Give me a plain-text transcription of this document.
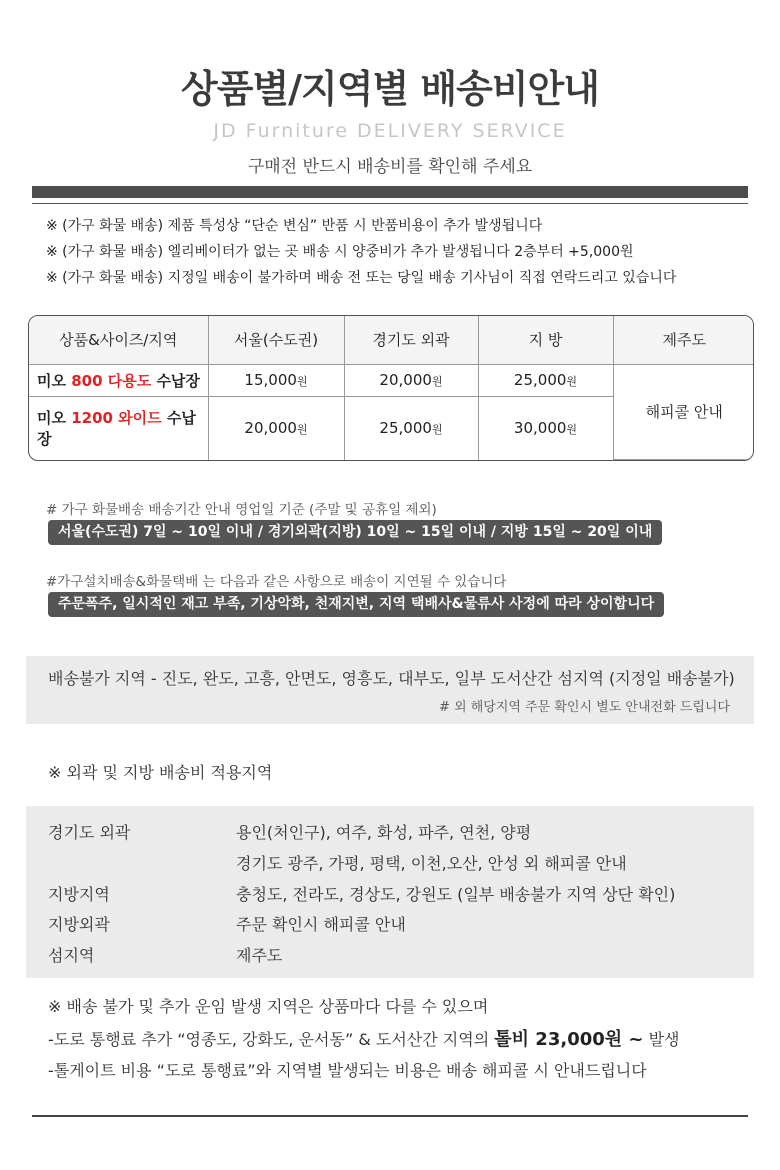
상품별/지역별 배송비안내
JD Furniture DELIVERY SERVICE
구매전 반드시 배송비를 확인해 주세요
※ (가구 화물 배송) 제품 특성상 “단순 변심” 반품 시 반품비용이 추가 발생됩니다
※ (가구 화물 배송) 엘리베이터가 없는 곳 배송 시 양중비가 추가 발생됩니다 2층부터 +5,000원
※ (가구 화물 배송) 지정일 배송이 불가하며 배송 전 또는 당일 배송 기사님이 직접 연락드리고 있습니다
상품&사이즈/지역	서울(수도권)	경기도 외곽	지 방	제주도
미오 800 다용도 수납장	15,000원	20,000원	25,000원	해피콜 안내
미오 1200 와이드 수납장	20,000원	25,000원	30,000원	
# 가구 화물배송 배송기간 안내 영업일 기준 (주말 및 공휴일 제외)
서울(수도권) 7일 ~ 10일 이내 / 경기외곽(지방) 10일 ~ 15일 이내 / 지방 15일 ~ 20일 이내
#가구설치배송&화물택배 는 다음과 같은 사항으로 배송이 지연될 수 있습니다
주문폭주, 일시적인 재고 부족, 기상악화, 천재지변, 지역 택배사&물류사 사정에 따라 상이합니다
배송불가 지역 - 진도, 완도, 고흥, 안면도, 영흥도, 대부도, 일부 도서산간 섬지역 (지정일 배송불가)
# 외 해당지역 주문 확인시 별도 안내전화 드립니다
※ 외곽 및 지방 배송비 적용지역
경기도 외곽	용인(처인구), 여주, 화성, 파주, 연천, 양평
경기도 광주, 가평, 평택, 이천,오산, 안성 외 해피콜 안내
지방지역	충청도, 전라도, 경상도, 강원도 (일부 배송불가 지역 상단 확인)
지방외곽	주문 확인시 해피콜 안내
섬지역	제주도
※ 배송 불가 및 추가 운임 발생 지역은 상품마다 다를 수 있으며
-도로 통행료 추가 “영종도, 강화도, 운서동” & 도서산간 지역의 톨비 23,000원 ~ 발생
-톨게이트 비용 “도로 통행료”와 지역별 발생되는 비용은 배송 해피콜 시 안내드립니다
